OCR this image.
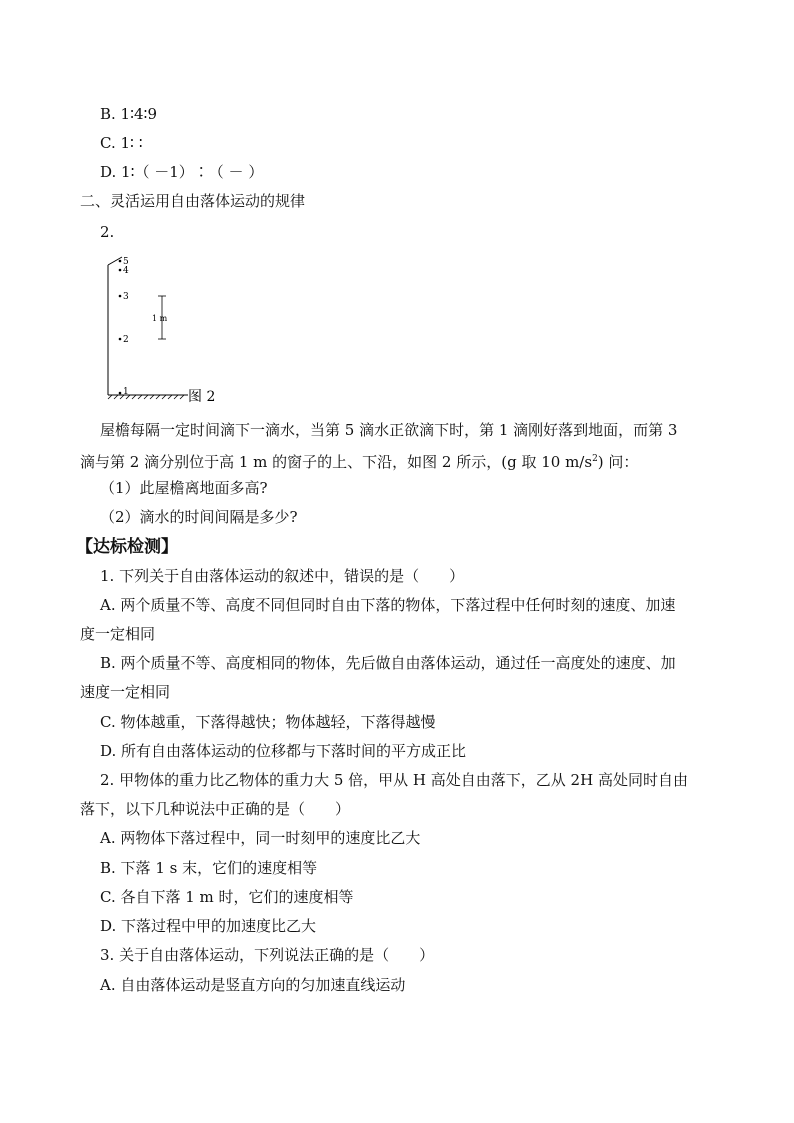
B. 1∶4∶9
C. 1∶ ∶
D. 1∶（ －1）∶（ － ）
二、灵活运用自由落体运动的规律
2.
5
4
3
2
1
1 m
图 2
屋檐每隔一定时间滴下一滴水，当第 5 滴水正欲滴下时，第 1 滴刚好落到地面，而第 3
滴与第 2 滴分别位于高 1 m 的窗子的上、下沿，如图 2 所示，(g 取 10 $m/s^2$) 问：
（1）此屋檐离地面多高?
（2）滴水的时间间隔是多少?
【达标检测】
1. 下列关于自由落体运动的叙述中，错误的是（　　）
A. 两个质量不等、高度不同但同时自由下落的物体，下落过程中任何时刻的速度、加速
度一定相同
B. 两个质量不等、高度相同的物体，先后做自由落体运动，通过任一高度处的速度、加
速度一定相同
C. 物体越重，下落得越快；物体越轻，下落得越慢
D. 所有自由落体运动的位移都与下落时间的平方成正比
2. 甲物体的重力比乙物体的重力大 5 倍，甲从 H 高处自由落下，乙从 2H 高处同时自由
落下，以下几种说法中正确的是（　　）
A. 两物体下落过程中，同一时刻甲的速度比乙大
B. 下落 1 s 末，它们的速度相等
C. 各自下落 1 m 时，它们的速度相等
D. 下落过程中甲的加速度比乙大
3. 关于自由落体运动，下列说法正确的是（　　）
A. 自由落体运动是竖直方向的匀加速直线运动
